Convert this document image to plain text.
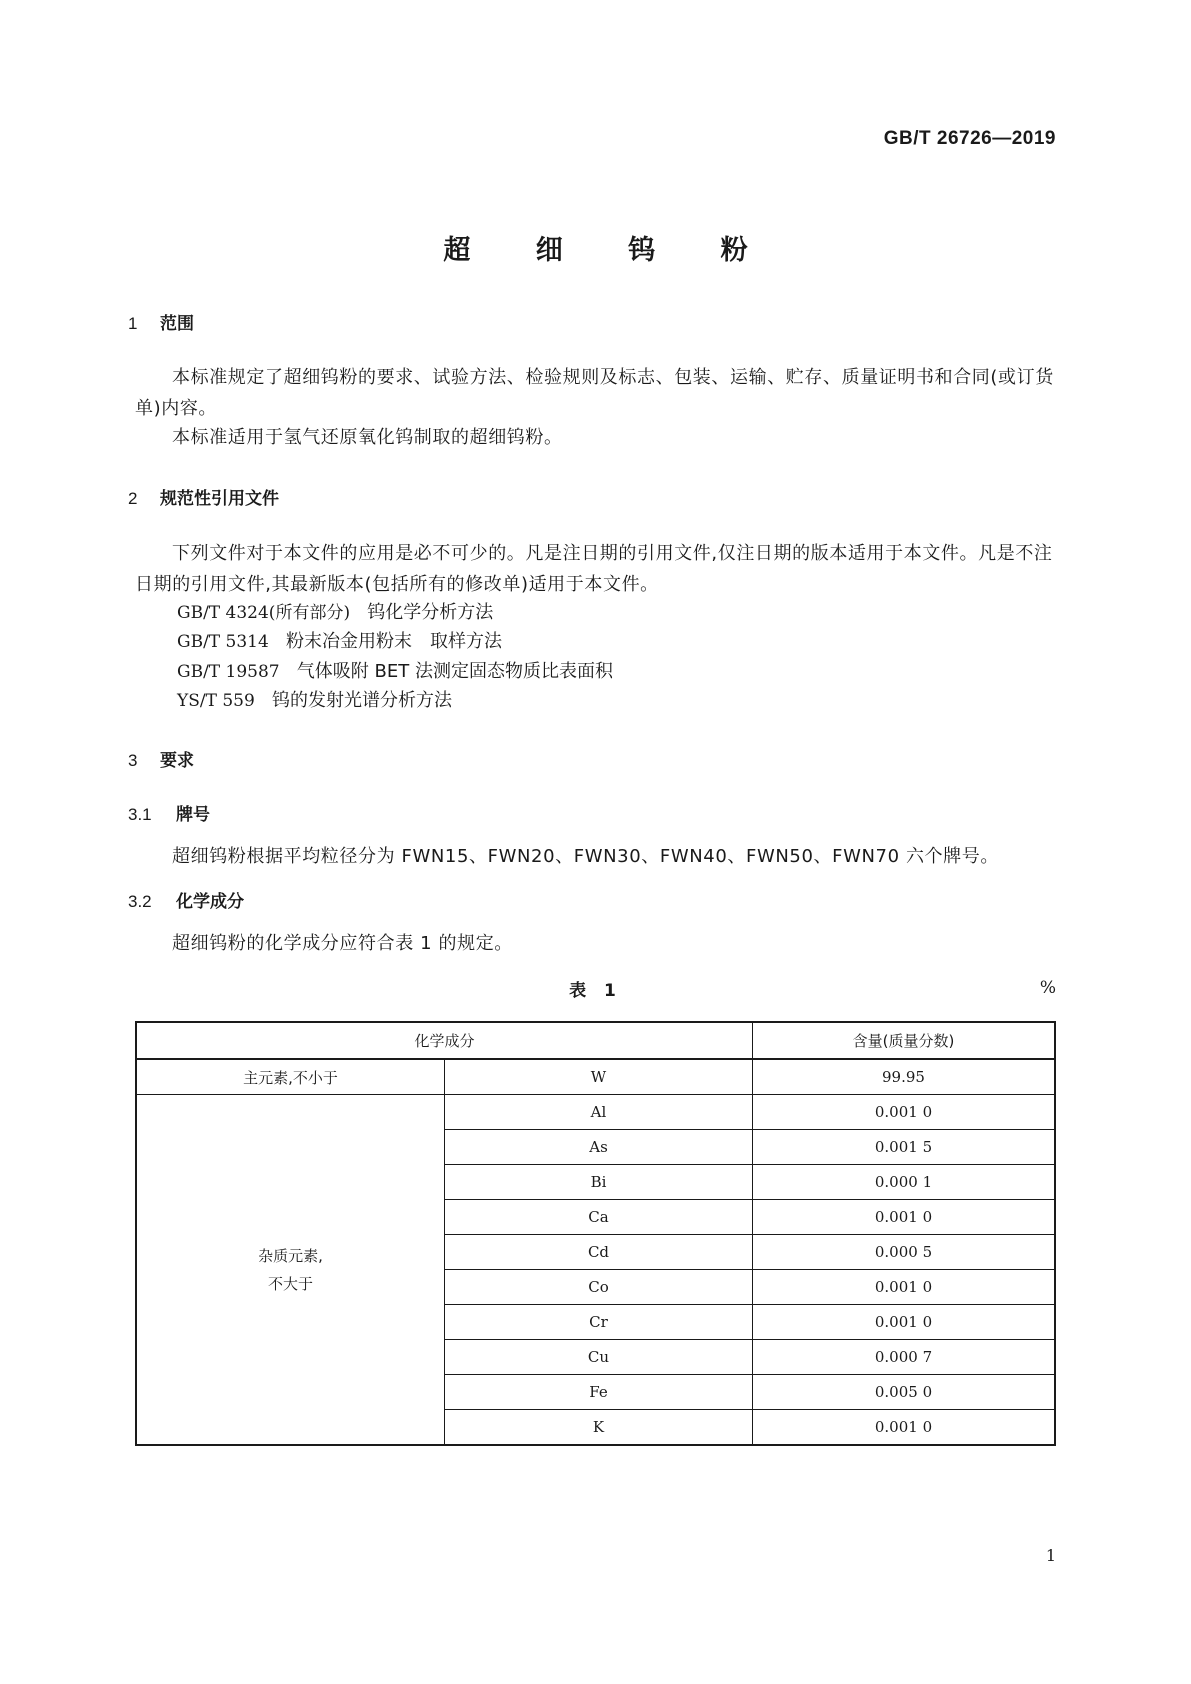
GB/T 26726—2019
超 细 钨 粉
1 范围
本标准规定了超细钨粉的要求、试验方法、检验规则及标志、包装、运输、贮存、质量证明书和合同(或订货单)内容。
本标准适用于氢气还原氧化钨制取的超细钨粉。
2 规范性引用文件
下列文件对于本文件的应用是必不可少的。凡是注日期的引用文件,仅注日期的版本适用于本文件。凡是不注日期的引用文件,其最新版本(包括所有的修改单)适用于本文件。
GB/T 4324(所有部分) 钨化学分析方法
GB/T 5314 粉末冶金用粉末　取样方法
GB/T 19587 气体吸附 BET 法测定固态物质比表面积
YS/T 559 钨的发射光谱分析方法
3 要求
3.1 牌号
超细钨粉根据平均粒径分为 FWN15、FWN20、FWN30、FWN40、FWN50、FWN70 六个牌号。
3.2 化学成分
超细钨粉的化学成分应符合表 1 的规定。
表 1	%
化学成分		含量(质量分数)
主元素,不小于	W	99.95

杂质元素,
不大于	Al	0.001 0
	As	0.001 5
	Bi	0.000 1
	Ca	0.001 0
	Cd	0.000 5
	Co	0.001 0
	Cr	0.001 0
	Cu	0.000 7
	Fe	0.005 0
	K	0.001 0
1
